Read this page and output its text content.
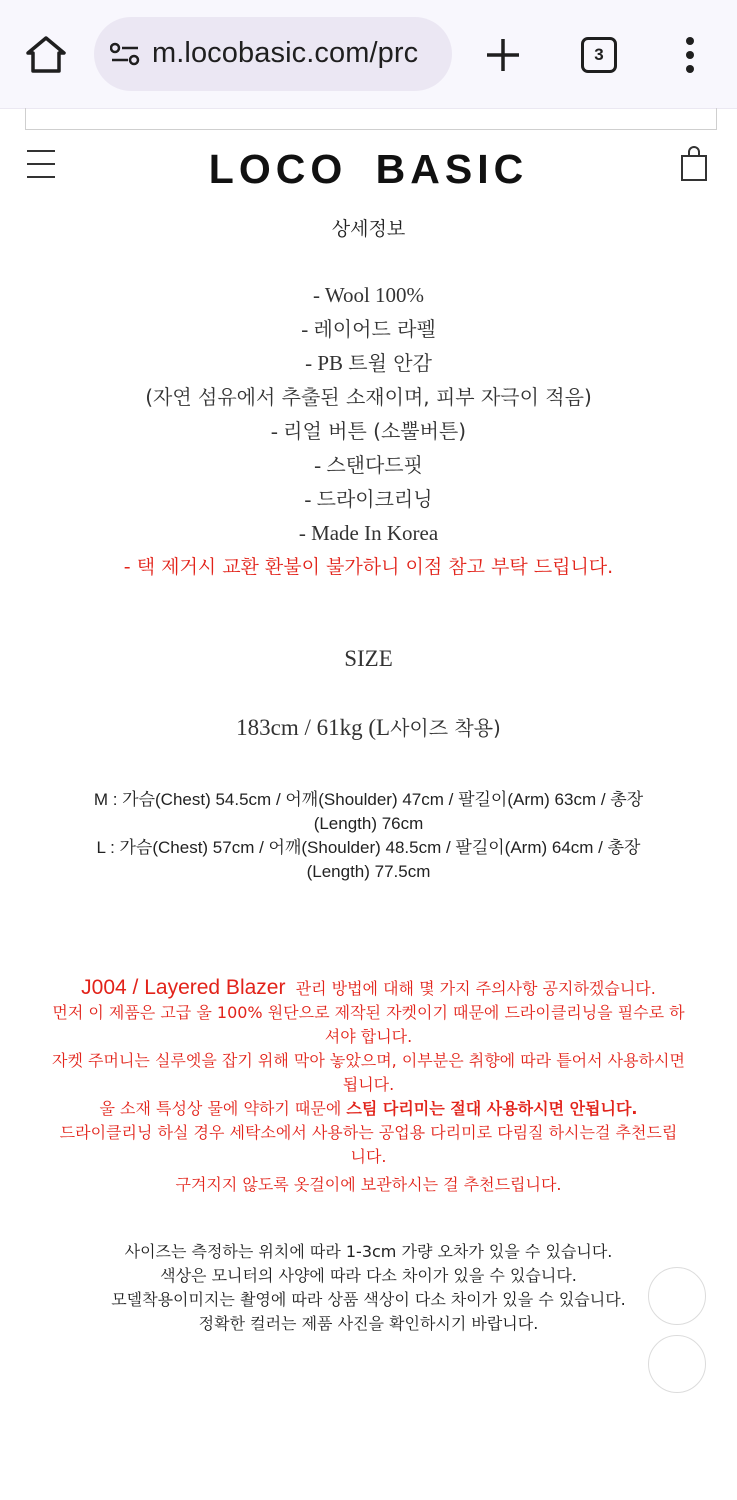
m.locobasic.com/prc	3
LOCO BASIC
상세정보
- Wool 100%
- 레이어드 라펠
- PB 트윌 안감
(자연 섬유에서 추출된 소재이며, 피부 자극이 적음)
- 리얼 버튼 (소뿔버튼)
- 스탠다드핏
- 드라이크리닝
- Made In Korea
- 택 제거시 교환 환불이 불가하니 이점 참고 부탁 드립니다.
SIZE
183cm / 61kg (L사이즈 착용)
M : 가슴(Chest) 54.5cm / 어깨(Shoulder) 47cm / 팔길이(Arm) 63cm / 총장
(Length) 76cm
L : 가슴(Chest) 57cm / 어깨(Shoulder) 48.5cm / 팔길이(Arm) 64cm / 총장
(Length) 77.5cm
J004 / Layered Blazer 관리 방법에 대해 몇 가지 주의사항 공지하겠습니다.
먼저 이 제품은 고급 울 100% 원단으로 제작된 자켓이기 때문에 드라이클리닝을 필수로 하
셔야 합니다.
자켓 주머니는 실루엣을 잡기 위해 막아 놓았으며, 이부분은 취향에 따라 틑어서 사용하시면
됩니다.
울 소재 특성상 물에 약하기 때문에 스팀 다리미는 절대 사용하시면 안됩니다.
드라이클리닝 하실 경우 세탁소에서 사용하는 공업용 다리미로 다림질 하시는걸 추천드립
니다.
구겨지지 않도록 옷걸이에 보관하시는 걸 추천드립니다.
사이즈는 측정하는 위치에 따라 1-3cm 가량 오차가 있을 수 있습니다.
색상은 모니터의 사양에 따라 다소 차이가 있을 수 있습니다.
모델착용이미지는 촬영에 따라 상품 색상이 다소 차이가 있을 수 있습니다.
정확한 컬러는 제품 사진을 확인하시기 바랍니다.
